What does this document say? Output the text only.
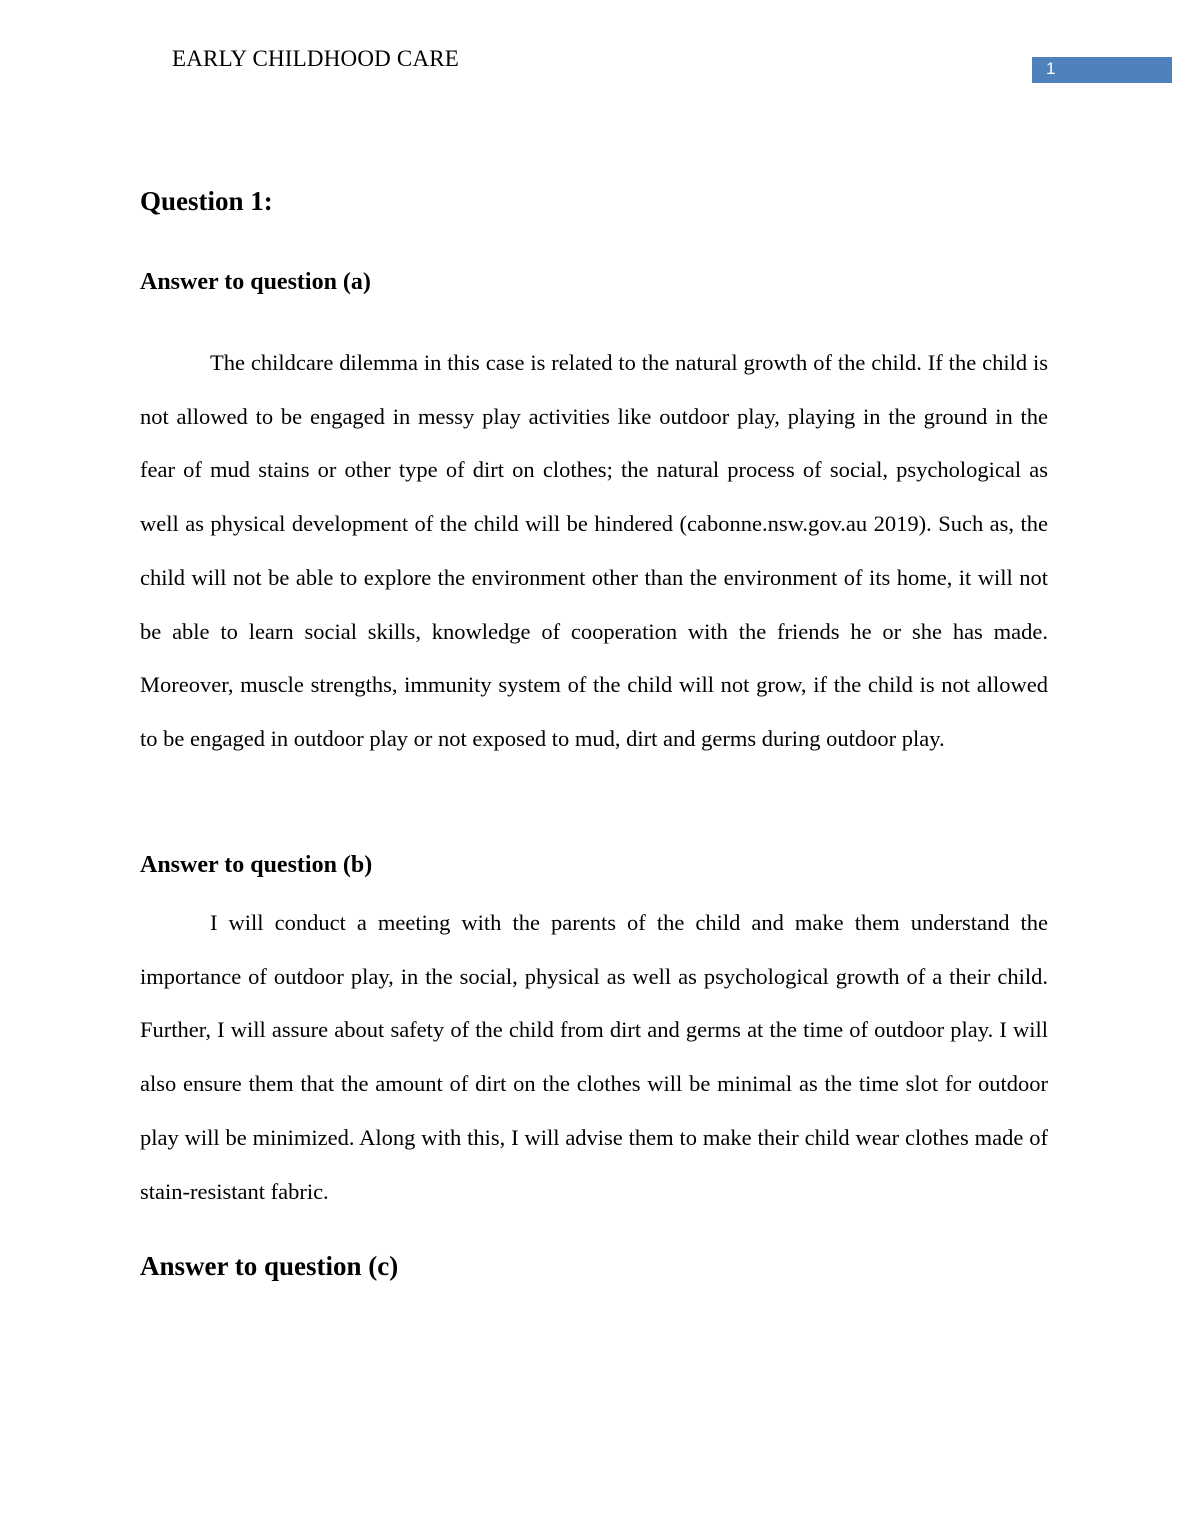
EARLY CHILDHOOD CARE	1
Question 1:
Answer to question (a)

The childcare dilemma in this case is related to the natural growth of the child. If the child is not allowed to be engaged in messy play activities like outdoor play, playing in the ground in the fear of mud stains or other type of dirt on clothes; the natural process of social, psychological as well as physical development of the child will be hindered (cabonne.nsw.gov.au 2019). Such as, the child will not be able to explore the environment other than the environment of its home, it will not be able to learn social skills, knowledge of cooperation with the friends he or she has made. Moreover, muscle strengths, immunity system of the child will not grow, if the child is not allowed to be engaged in outdoor play or not exposed to mud, dirt and germs during outdoor play.

Answer to question (b)

I will conduct a meeting with the parents of the child and make them understand the importance of outdoor play, in the social, physical as well as psychological growth of a their child. Further, I will assure about safety of the child from dirt and germs at the time of outdoor play. I will also ensure them that the amount of dirt on the clothes will be minimal as the time slot for outdoor play will be minimized. Along with this, I will advise them to make their child wear clothes made of stain-resistant fabric.

Answer to question (c)
